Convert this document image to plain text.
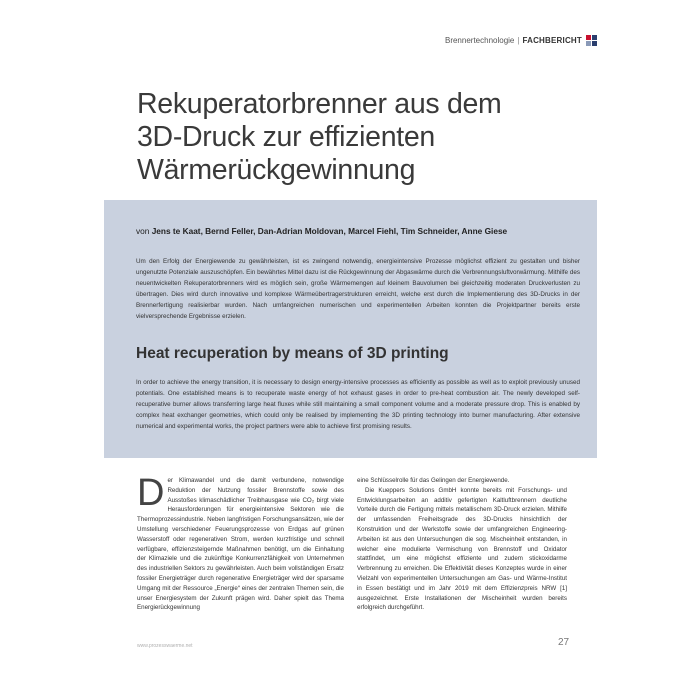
Brennertechnologie | FACHBERICHT
Rekuperatorbrenner aus dem
3D-Druck zur effizienten
Wärmerückgewinnung
von Jens te Kaat, Bernd Feller, Dan-Adrian Moldovan, Marcel Fiehl, Tim Schneider, Anne Giese

Um den Erfolg der Energiewende zu gewährleisten, ist es zwingend notwendig, energieintensive Prozesse möglichst effizient zu gestalten und bisher ungenutzte Potenziale auszuschöpfen. Ein bewährtes Mittel dazu ist die Rückgewinnung der Abgaswärme durch die Verbrennungsluftvorwärmung. Mithilfe des neuentwickelten Rekuperatorbrenners wird es möglich sein, große Wärmemengen auf kleinem Bauvolumen bei gleichzeitig moderaten Druckverlusten zu übertragen. Dies wird durch innovative und komplexe Wärmeübertragerstrukturen erreicht, welche erst durch die Implementierung des 3D-Drucks in der Brennerfertigung realisierbar wurden. Nach umfangreichen numerischen und experimentellen Arbeiten konnten die Projektpartner bereits erste vielversprechende Ergebnisse erzielen.

Heat recuperation by means of 3D printing

In order to achieve the energy transition, it is necessary to design energy-intensive processes as efficiently as possible as well as to exploit previously unused potentials. One established means is to recuperate waste energy of hot exhaust gases in order to pre-heat combustion air. The newly developed self-recuperative burner allows transferring large heat fluxes while still maintaining a small component volume and a moderate pressure drop. This is enabled by complex heat exchanger geometries, which could only be realised by implementing the 3D printing technology into burner manufacturing. After extensive numerical and experimental works, the project partners were able to achieve first promising results.

Der Klimawandel und die damit verbundene, notwendige Reduktion der Nutzung fossiler Brennstoffe sowie des Ausstoßes klimaschädlicher Treibhausgase wie CO₂ birgt viele Herausforderungen für energieintensive Sektoren wie die Thermoprozessindustrie. Neben langfristigen Forschungsansätzen, wie der Umstellung verschiedener Feuerungsprozesse von Erdgas auf grünen Wasserstoff oder regenerativen Strom, werden kurzfristige und schnell verfügbare, effizienzsteigernde Maßnahmen benötigt, um die Einhaltung der Klimaziele und die zukünftige Konkurrenzfähigkeit von Unternehmen des industriellen Sektors zu gewährleisten. Auch beim vollständigen Ersatz fossiler Energieträger durch regenerative Energieträger wird der sparsame Umgang mit der Ressource „Energie“ eines der zentralen Themen sein, die unser Energiesystem der Zukunft prägen wird. Daher spielt das Thema Energierückgewinnung

eine Schlüsselrolle für das Gelingen der Energiewende.
Die Kueppers Solutions GmbH konnte bereits mit Forschungs- und Entwicklungsarbeiten an additiv gefertigten Kaltluftbrennern deutliche Vorteile durch die Fertigung mittels metallischem 3D-Druck erzielen. Mithilfe der umfassenden Freiheitsgrade des 3D-Drucks hinsichtlich der Konstruktion und der Werkstoffe sowie der umfangreichen Engineering-Arbeiten ist aus den Untersuchungen die sog. Mischeinheit entstanden, in welcher eine modulierte Vermischung von Brennstoff und Oxidator stattfindet, um eine möglichst effiziente und zudem stickoxidarme Verbrennung zu erreichen. Die Effektivität dieses Konzeptes wurde in einer Vielzahl von experimentellen Untersuchungen am Gas- und Wärme-Institut in Essen bestätigt und im Jahr 2019 mit dem Effizienzpreis NRW [1] ausgezeichnet. Erste Installationen der Mischeinheit wurden bereits erfolgreich durchgeführt.
www.prozesswaerme.net	27
